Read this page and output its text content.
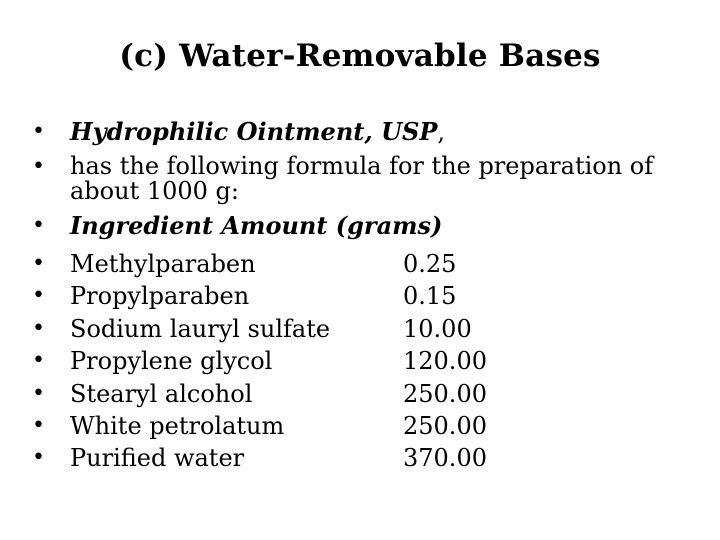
(c) Water-Removable Bases
• Hydrophilic Ointment, USP,
• has the following formula for the preparation of about 1000 g:
• Ingredient Amount (grams)
• Methylparaben	0.25
• Propylparaben	0.15
• Sodium lauryl sulfate	10.00
• Propylene glycol	120.00
• Stearyl alcohol	250.00
• White petrolatum	250.00
• Purified water	370.00
